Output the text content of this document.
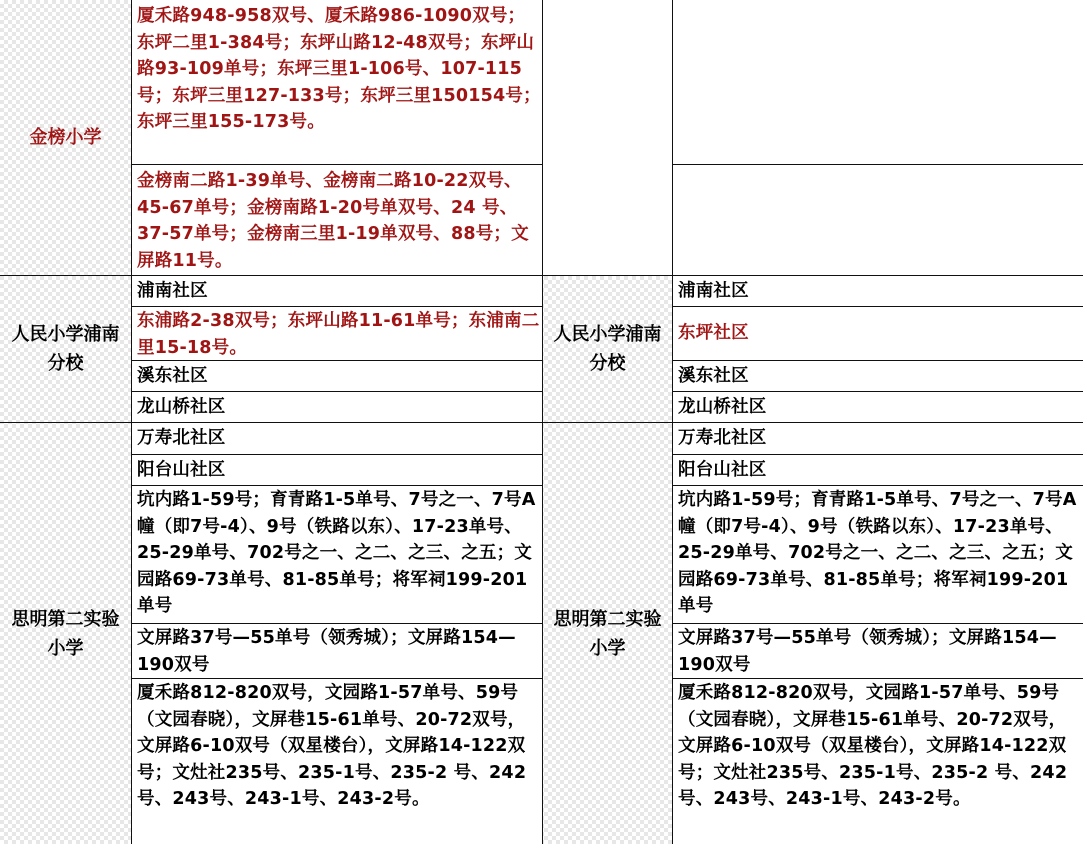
金榜小学
人民小学浦南分校
思明第二实验小学
厦禾路948-958双号、厦禾路986-1090双号；东坪二里1-384号；东坪山路12-48双号；东坪山路93-109单号；东坪三里1-106号、107-115号；东坪三里127-133号；东坪三里150154号；东坪三里155-173号。
金榜南二路1-39单号、金榜南二路10-22双号、 45-67单号；金榜南路1-20号单双号、24 号、37-57单号；金榜南三里1-19单双号、88号；文屏路11号。
浦南社区
东浦路2-38双号；东坪山路11-61单号；东浦南二里15-18号。
溪东社区
龙山桥社区
万寿北社区
阳台山社区
坑内路1-59号；育青路1-5单号、7号之一、7号A幢（即7号-4）、9号（铁路以东）、17-23单号、25-29单号、702号之一、之二、之三、之五；文园路69-73单号、81-85单号；将军祠199-201单号
文屏路37号—55单号（领秀城）；文屏路154—190双号
厦禾路812-820双号，文园路1-57单号、59号（文园春晓），文屏巷15-61单号、20-72双号，文屏路6-10双号（双星楼台），文屏路14-122双号；文灶社235号、235-1号、235-2 号、242号、243号、243-1号、243-2号。
人民小学浦南分校
思明第二实验小学
浦南社区
东坪社区
溪东社区
龙山桥社区
万寿北社区
阳台山社区
坑内路1-59号；育青路1-5单号、7号之一、7号A幢（即7号-4）、9号（铁路以东）、17-23单号、25-29单号、702号之一、之二、之三、之五；文园路69-73单号、81-85单号；将军祠199-201单号
文屏路37号—55单号（领秀城）；文屏路154—190双号
厦禾路812-820双号，文园路1-57单号、59号（文园春晓），文屏巷15-61单号、20-72双号，文屏路6-10双号（双星楼台），文屏路14-122双号；文灶社235号、235-1号、235-2 号、242号、243号、243-1号、243-2号。
